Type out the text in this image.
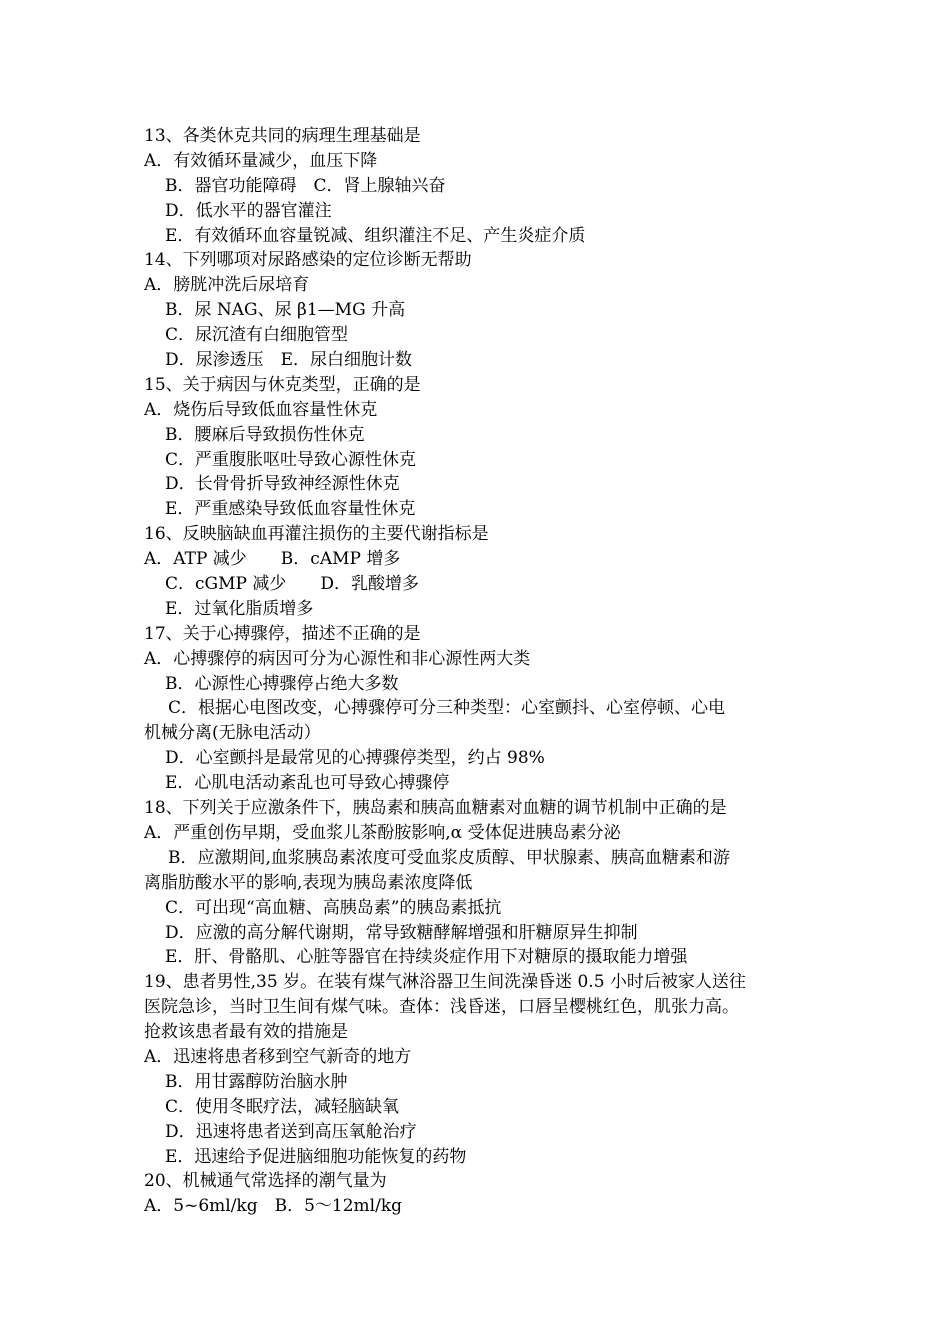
13、各类休克共同的病理生理基础是
A．有效循环量减少，血压下降
B．器官功能障碍　C．肾上腺轴兴奋
D．低水平的器官灌注
E．有效循环血容量锐减、组织灌注不足、产生炎症介质
14、下列哪项对尿路感染的定位诊断无帮助
A．膀胱冲洗后尿培育
B．尿 NAG、尿 β1—MG 升高
C．尿沉渣有白细胞管型
D．尿渗透压　E．尿白细胞计数
15、关于病因与休克类型，正确的是
A．烧伤后导致低血容量性休克
B．腰麻后导致损伤性休克
C．严重腹胀呕吐导致心源性休克
D．长骨骨折导致神经源性休克
E．严重感染导致低血容量性休克
16、反映脑缺血再灌注损伤的主要代谢指标是
A．ATP 减少　　B．cAMP 增多
C．cGMP 减少　　D．乳酸增多
E．过氧化脂质增多
17、关于心搏骤停，描述不正确的是
A．心搏骤停的病因可分为心源性和非心源性两大类
B．心源性心搏骤停占绝大多数
C．根据心电图改变，心搏骤停可分三种类型：心室颤抖、心室停顿、心电
机械分离(无脉电活动）
D．心室颤抖是最常见的心搏骤停类型，约占 98%
E．心肌电活动紊乱也可导致心搏骤停
18、下列关于应激条件下，胰岛素和胰高血糖素对血糖的调节机制中正确的是
A．严重创伤早期，受血浆儿茶酚胺影响,α 受体促进胰岛素分泌
B．应激期间,血浆胰岛素浓度可受血浆皮质醇、甲状腺素、胰高血糖素和游
离脂肪酸水平的影响,表现为胰岛素浓度降低
C．可出现“高血糖、高胰岛素”的胰岛素抵抗
D．应激的高分解代谢期，常导致糖酵解增强和肝糖原异生抑制
E．肝、骨骼肌、心脏等器官在持续炎症作用下对糖原的摄取能力增强
19、患者男性,35 岁。在装有煤气淋浴器卫生间洗澡昏迷 0.5 小时后被家人送往
医院急诊，当时卫生间有煤气味。查体：浅昏迷，口唇呈樱桃红色，肌张力高。
抢救该患者最有效的措施是
A．迅速将患者移到空气新奇的地方
B．用甘露醇防治脑水肿
C．使用冬眠疗法，减轻脑缺氧
D．迅速将患者送到高压氧舱治疗
E．迅速给予促进脑细胞功能恢复的药物
20、机械通气常选择的潮气量为
A．5~6ml/kg　B．5～12ml/kg
